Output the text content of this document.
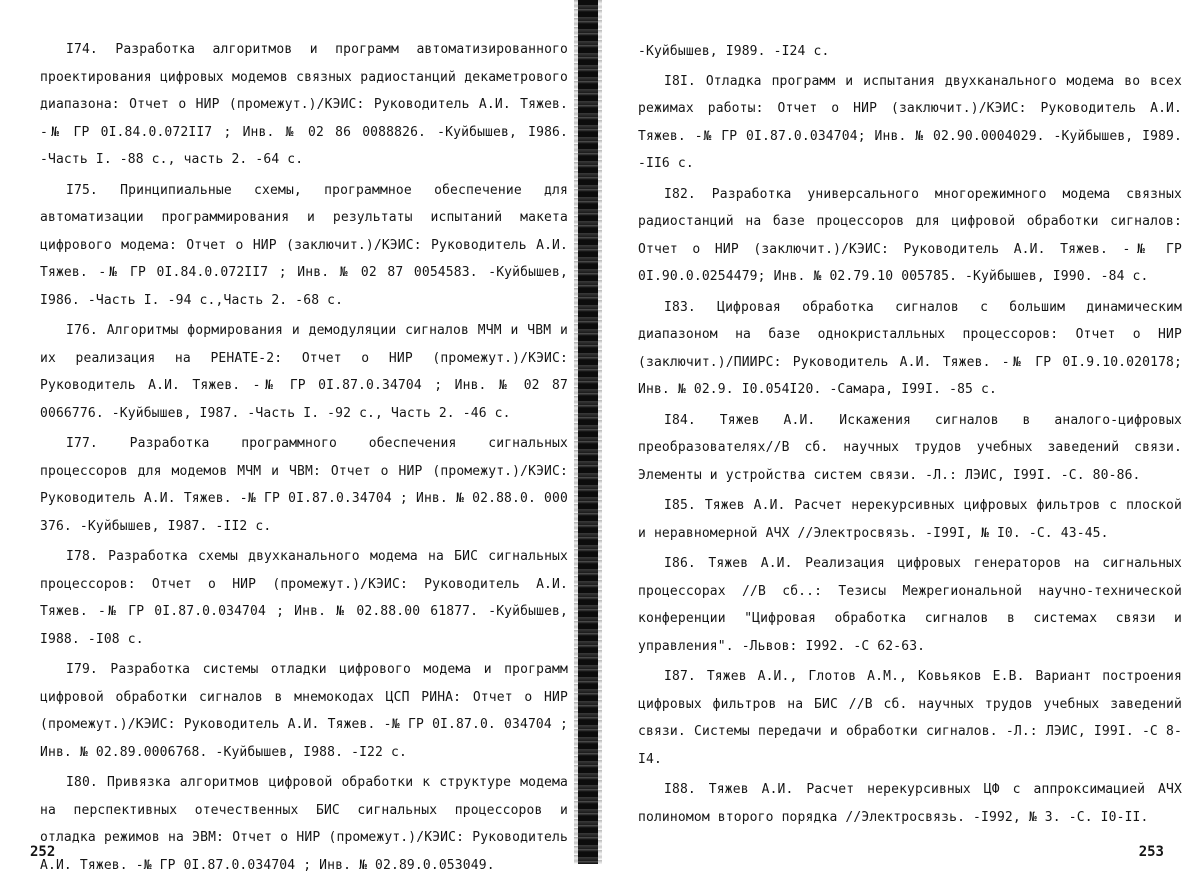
I74. Разработка алгоритмов и программ автоматизированного проектирования цифровых модемов связных радиостанций декаметрового диапазона: Отчет о НИР (промежут.)/КЭИС: Руководитель А.И. Тяжев. -№ ГР 0I.84.0.072II7 ; Инв. № 02 86 0088826. -Куйбышев, I986. -Часть I. -88 с., часть 2. -64 с.

I75. Принципиальные схемы, программное обеспечение для автоматизации программирования и результаты испытаний макета цифрового модема: Отчет о НИР (заключит.)/КЭИС: Руководитель А.И. Тяжев. -№ ГР 0I.84.0.072II7 ; Инв. № 02 87 0054583. -Куйбышев, I986. -Часть I. -94 с.,Часть 2. -68 с.

I76. Алгоритмы формирования и демодуляции сигналов МЧМ и ЧВМ и их реализация на РЕНАТЕ-2: Отчет о НИР (промежут.)/КЭИС: Руководитель А.И. Тяжев. -№ ГР 0I.87.0.34704 ; Инв. № 02 87 0066776. -Куйбышев, I987. -Часть I. -92 с., Часть 2. -46 с.

I77. Разработка программного обеспечения сигнальных процессоров для модемов МЧМ и ЧВМ: Отчет о НИР (промежут.)/КЭИС: Руководитель А.И. Тяжев. -№ ГР 0I.87.0.34704 ; Инв. № 02.88.0. 000 376. -Куйбышев, I987. -II2 с.

I78. Разработка схемы двухканального модема на БИС сигнальных процессоров: Отчет о НИР (промежут.)/КЭИС: Руководитель А.И. Тяжев. -№ ГР 0I.87.0.034704 ; Инв. № 02.88.00 61877. -Куйбышев, I988. -I08 с.

I79. Разработка системы отладки цифрового модема и программ цифровой обработки сигналов в мнемокодах ЦСП РИНА: Отчет о НИР (промежут.)/КЭИС: Руководитель А.И. Тяжев. -№ ГР 0I.87.0. 034704 ; Инв. № 02.89.0006768. -Куйбышев, I988. -I22 с.

I80. Привязка алгоритмов цифровой обработки к структуре модема на перспективных отечественных БИС сигнальных процессоров и отладка режимов на ЭВМ: Отчет о НИР (промежут.)/КЭИС: Руководитель А.И. Тяжев. -№ ГР 0I.87.0.034704 ; Инв. № 02.89.0.053049.

252

-Куйбышев, I989. -I24 с.

I8I. Отладка программ и испытания двухканального модема во всех режимах работы: Отчет о НИР (заключит.)/КЭИС: Руководитель А.И. Тяжев. -№ ГР 0I.87.0.034704; Инв. № 02.90.0004029. -Куйбышев, I989. -II6 с.

I82. Разработка универсального многорежимного модема связных радиостанций на базе процессоров для цифровой обработки сигналов: Отчет о НИР (заключит.)/КЭИС: Руководитель А.И. Тяжев. -№ ГР 0I.90.0.0254479; Инв. № 02.79.10 005785. -Куйбышев, I990. -84 с.

I83. Цифровая обработка сигналов с большим динамическим диапазоном на базе однокристалльных процессоров: Отчет о НИР (заключит.)/ПИИРС: Руководитель А.И. Тяжев. -№ ГР 0I.9.10.020178; Инв. № 02.9. I0.054I20. -Самара, I99I. -85 с.

I84. Тяжев А.И. Искажения сигналов в аналого-цифровых преобразователях//В сб. научных трудов учебных заведений связи. Элементы и устройства систем связи. -Л.: ЛЭИС, I99I. -С. 80-86.

I85. Тяжев А.И. Расчет нерекурсивных цифровых фильтров с плоской и неравномерной АЧХ //Электросвязь. -I99I, № I0. -С. 43-45.

I86. Тяжев А.И. Реализация цифровых генераторов на сигнальных процессорах //В сб..: Тезисы Межрегиональной научно-технической конференции "Цифровая обработка сигналов в системах связи и управления". -Львов: I992. -С 62-63.

I87. Тяжев А.И., Глотов А.М., Ковьяков Е.В. Вариант построения цифровых фильтров на БИС //В сб. научных трудов учебных заведений связи. Системы передачи и обработки сигналов. -Л.: ЛЭИС, I99I. -С 8-I4.

I88. Тяжев А.И. Расчет нерекурсивных ЦФ с аппроксимацией АЧХ полиномом второго порядка //Электросвязь. -I992, № 3. -С. I0-II.

253
